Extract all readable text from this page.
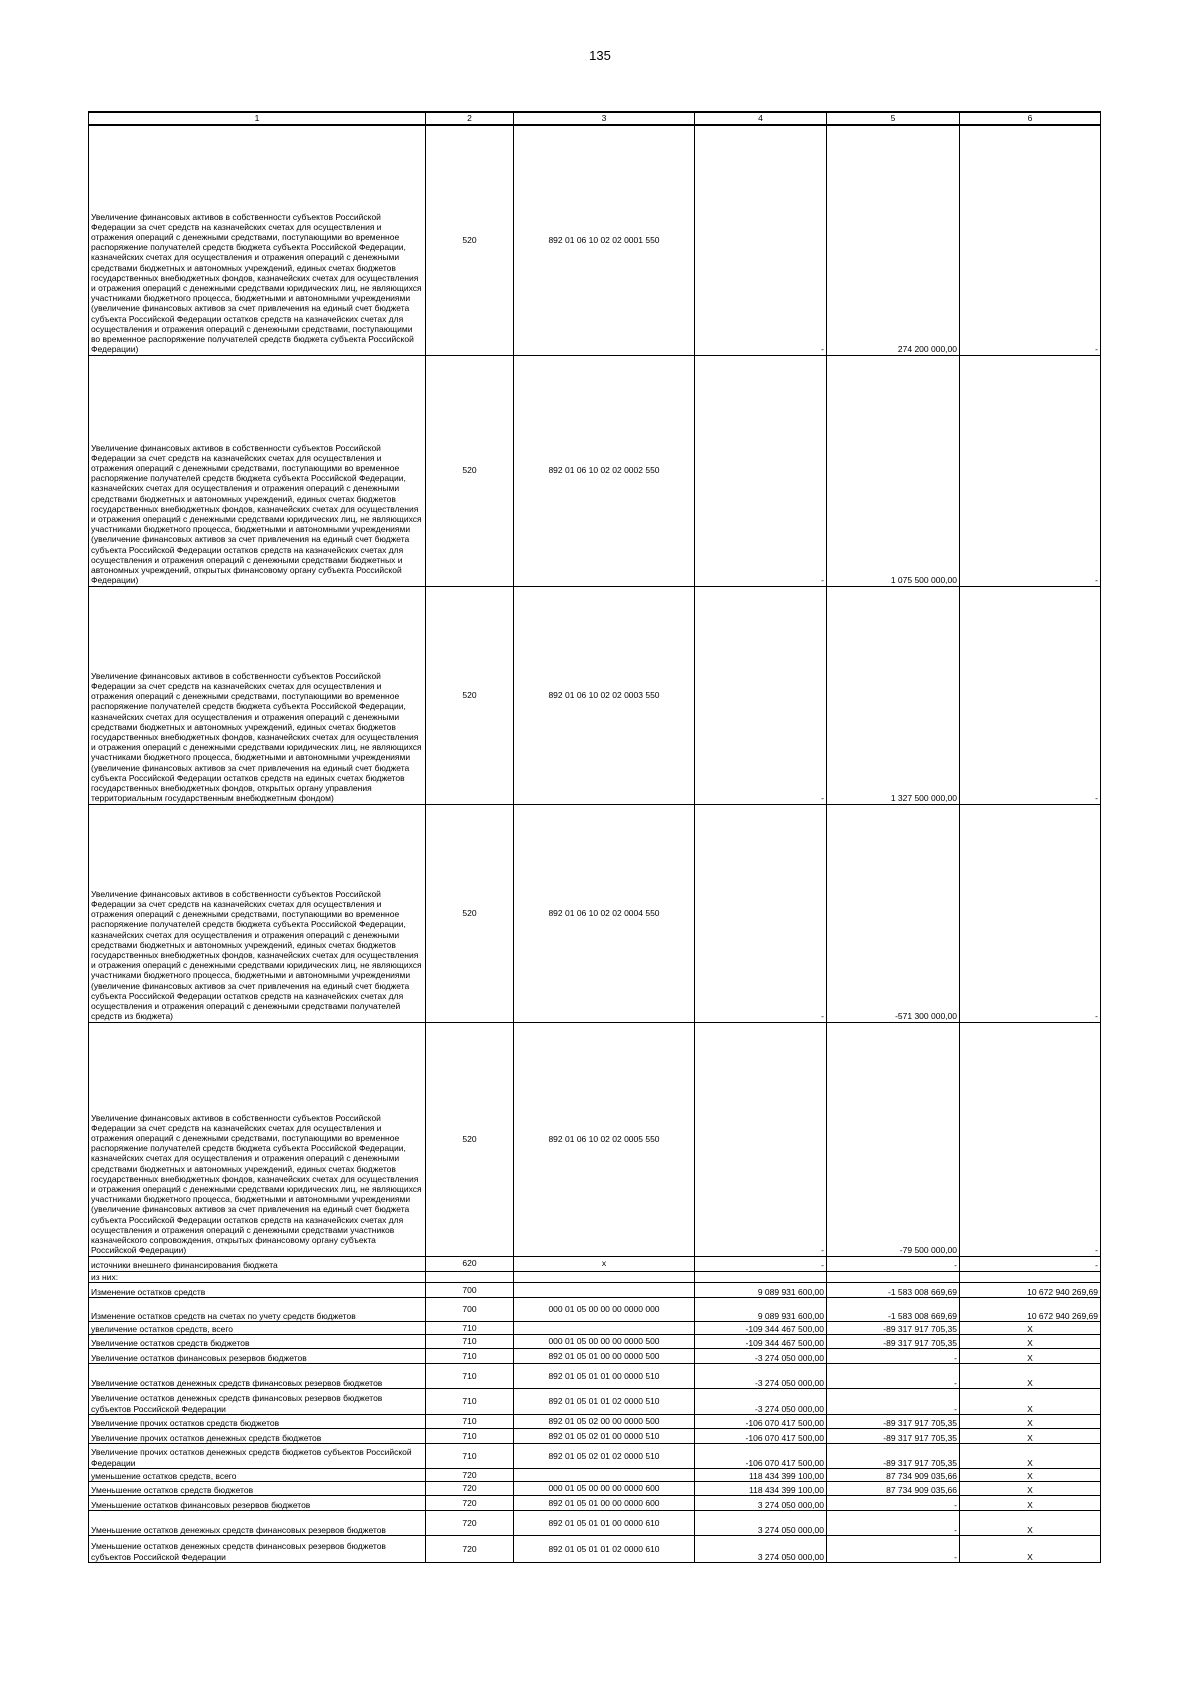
135
1	2	3	4	5	6
Увеличение финансовых активов в собственности субъектов Российской Федерации за счет средств на казначейских счетах для осуществления и отражения операций с денежными средствами, поступающими во временное распоряжение получателей средств бюджета субъекта Российской Федерации, казначейских счетах для осуществления и отражения операций с денежными средствами бюджетных и автономных учреждений, единых счетах бюджетов государственных внебюджетных фондов, казначейских счетах для осуществления и отражения операций с денежными средствами юридических лиц, не являющихся участниками бюджетного процесса, бюджетными и автономными учреждениями (увеличение финансовых активов за счет привлечения на единый счет бюджета субъекта Российской Федерации остатков средств на казначейских счетах для осуществления и отражения операций с денежными средствами, поступающими во временное распоряжение получателей средств бюджета субъекта Российской Федерации)	520	892 01 06 10 02 02 0001 550	-	274 200 000,00	-
Увеличение финансовых активов в собственности субъектов Российской Федерации за счет средств на казначейских счетах для осуществления и отражения операций с денежными средствами, поступающими во временное распоряжение получателей средств бюджета субъекта Российской Федерации, казначейских счетах для осуществления и отражения операций с денежными средствами бюджетных и автономных учреждений, единых счетах бюджетов государственных внебюджетных фондов, казначейских счетах для осуществления и отражения операций с денежными средствами юридических лиц, не являющихся участниками бюджетного процесса, бюджетными и автономными учреждениями (увеличение финансовых активов за счет привлечения на единый счет бюджета субъекта Российской Федерации остатков средств на казначейских счетах для осуществления и отражения операций с денежными средствами бюджетных и автономных учреждений, открытых финансовому органу субъекта Российской Федерации)	520	892 01 06 10 02 02 0002 550	-	1 075 500 000,00	-
Увеличение финансовых активов в собственности субъектов Российской Федерации за счет средств на казначейских счетах для осуществления и отражения операций с денежными средствами, поступающими во временное распоряжение получателей средств бюджета субъекта Российской Федерации, казначейских счетах для осуществления и отражения операций с денежными средствами бюджетных и автономных учреждений, единых счетах бюджетов государственных внебюджетных фондов, казначейских счетах для осуществления и отражения операций с денежными средствами юридических лиц, не являющихся участниками бюджетного процесса, бюджетными и автономными учреждениями (увеличение финансовых активов за счет привлечения на единый счет бюджета субъекта Российской Федерации остатков средств на единых счетах бюджетов государственных внебюджетных фондов, открытых органу управления территориальным государственным внебюджетным фондом)	520	892 01 06 10 02 02 0003 550	-	1 327 500 000,00	-
Увеличение финансовых активов в собственности субъектов Российской Федерации за счет средств на казначейских счетах для осуществления и отражения операций с денежными средствами, поступающими во временное распоряжение получателей средств бюджета субъекта Российской Федерации, казначейских счетах для осуществления и отражения операций с денежными средствами бюджетных и автономных учреждений, единых счетах бюджетов государственных внебюджетных фондов, казначейских счетах для осуществления и отражения операций с денежными средствами юридических лиц, не являющихся участниками бюджетного процесса, бюджетными и автономными учреждениями (увеличение финансовых активов за счет привлечения на единый счет бюджета субъекта Российской Федерации остатков средств на казначейских счетах для осуществления и отражения операций с денежными средствами получателей средств из бюджета)	520	892 01 06 10 02 02 0004 550	-	-571 300 000,00	-
Увеличение финансовых активов в собственности субъектов Российской Федерации за счет средств на казначейских счетах для осуществления и отражения операций с денежными средствами, поступающими во временное распоряжение получателей средств бюджета субъекта Российской Федерации, казначейских счетах для осуществления и отражения операций с денежными средствами бюджетных и автономных учреждений, единых счетах бюджетов государственных внебюджетных фондов, казначейских счетах для осуществления и отражения операций с денежными средствами юридических лиц, не являющихся участниками бюджетного процесса, бюджетными и автономными учреждениями (увеличение финансовых активов за счет привлечения на единый счет бюджета субъекта Российской Федерации остатков средств на казначейских счетах для осуществления и отражения операций с денежными средствами участников казначейского сопровождения, открытых финансовому органу субъекта Российской Федерации)	520	892 01 06 10 02 02 0005 550	-	-79 500 000,00	-
источники внешнего финансирования бюджета	620	x	-	-	-
из них:					
Изменение остатков средств	700		9 089 931 600,00	-1 583 008 669,69	10 672 940 269,69
Изменение остатков средств на счетах по учету средств бюджетов	700	000 01 05 00 00 00 0000 000	9 089 931 600,00	-1 583 008 669,69	10 672 940 269,69
увеличение остатков средств, всего	710		-109 344 467 500,00	-89 317 917 705,35	X
Увеличение остатков средств бюджетов	710	000 01 05 00 00 00 0000 500	-109 344 467 500,00	-89 317 917 705,35	X
Увеличение остатков финансовых резервов бюджетов	710	892 01 05 01 00 00 0000 500	-3 274 050 000,00	-	X
Увеличение остатков денежных средств финансовых резервов бюджетов	710	892 01 05 01 01 00 0000 510	-3 274 050 000,00	-	X
Увеличение остатков денежных средств финансовых резервов бюджетов субъектов Российской Федерации	710	892 01 05 01 01 02 0000 510	-3 274 050 000,00	-	X
Увеличение прочих остатков средств бюджетов	710	892 01 05 02 00 00 0000 500	-106 070 417 500,00	-89 317 917 705,35	X
Увеличение прочих остатков денежных средств бюджетов	710	892 01 05 02 01 00 0000 510	-106 070 417 500,00	-89 317 917 705,35	X
Увеличение прочих остатков денежных средств бюджетов субъектов Российской Федерации	710	892 01 05 02 01 02 0000 510	-106 070 417 500,00	-89 317 917 705,35	X
уменьшение остатков средств, всего	720		118 434 399 100,00	87 734 909 035,66	X
Уменьшение остатков средств бюджетов	720	000 01 05 00 00 00 0000 600	118 434 399 100,00	87 734 909 035,66	X
Уменьшение остатков финансовых резервов бюджетов	720	892 01 05 01 00 00 0000 600	3 274 050 000,00	-	X
Уменьшение остатков денежных средств финансовых резервов бюджетов	720	892 01 05 01 01 00 0000 610	3 274 050 000,00	-	X
Уменьшение остатков денежных средств финансовых резервов бюджетов субъектов Российской Федерации	720	892 01 05 01 01 02 0000 610	3 274 050 000,00	-	X
